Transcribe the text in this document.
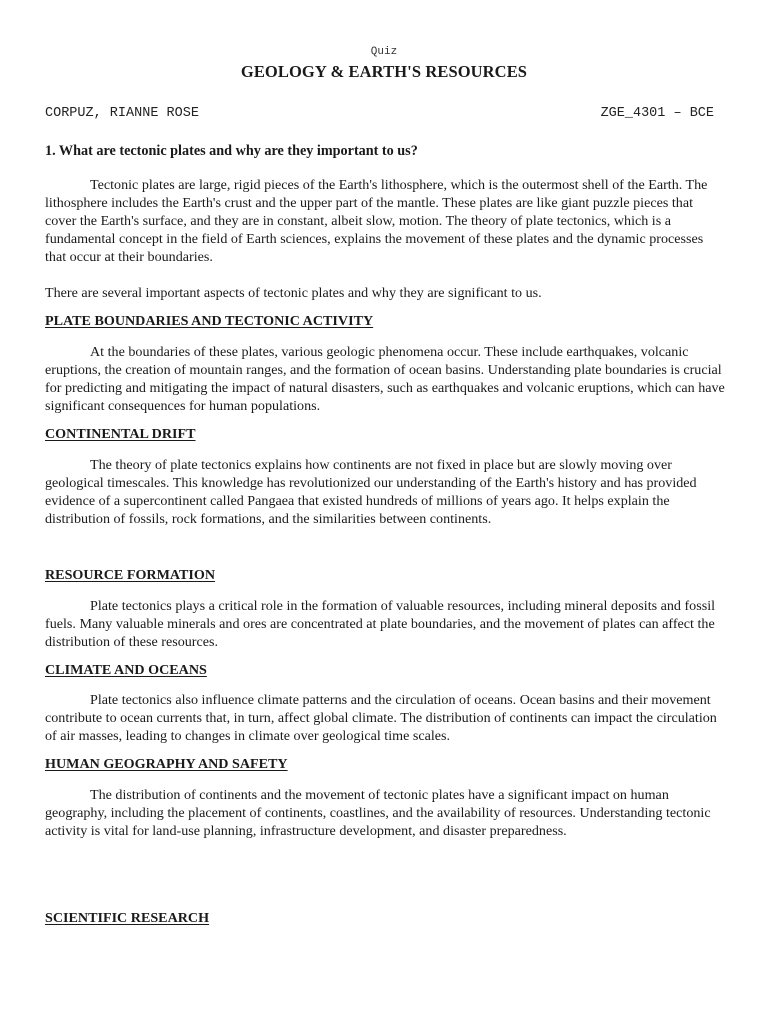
Quiz
GEOLOGY & EARTH'S RESOURCES
CORPUZ, RIANNE ROSE	ZGE_4301 – BCE
1. What are tectonic plates and why are they important to us?

Tectonic plates are large, rigid pieces of the Earth's lithosphere, which is the outermost shell of the Earth. The lithosphere includes the Earth's crust and the upper part of the mantle. These plates are like giant puzzle pieces that cover the Earth's surface, and they are in constant, albeit slow, motion. The theory of plate tectonics, which is a fundamental concept in the field of Earth sciences, explains the movement of these plates and the dynamic processes that occur at their boundaries.

There are several important aspects of tectonic plates and why they are significant to us.

PLATE BOUNDARIES AND TECTONIC ACTIVITY

At the boundaries of these plates, various geologic phenomena occur. These include earthquakes, volcanic eruptions, the creation of mountain ranges, and the formation of ocean basins. Understanding plate boundaries is crucial for predicting and mitigating the impact of natural disasters, such as earthquakes and volcanic eruptions, which can have significant consequences for human populations.

CONTINENTAL DRIFT

The theory of plate tectonics explains how continents are not fixed in place but are slowly moving over geological timescales. This knowledge has revolutionized our understanding of the Earth's history and has provided evidence of a supercontinent called Pangaea that existed hundreds of millions of years ago. It helps explain the distribution of fossils, rock formations, and the similarities between continents.

RESOURCE FORMATION

Plate tectonics plays a critical role in the formation of valuable resources, including mineral deposits and fossil fuels. Many valuable minerals and ores are concentrated at plate boundaries, and the movement of plates can affect the distribution of these resources.

CLIMATE AND OCEANS

Plate tectonics also influence climate patterns and the circulation of oceans. Ocean basins and their movement contribute to ocean currents that, in turn, affect global climate. The distribution of continents can impact the circulation of air masses, leading to changes in climate over geological time scales.

HUMAN GEOGRAPHY AND SAFETY

The distribution of continents and the movement of tectonic plates have a significant impact on human geography, including the placement of continents, coastlines, and the availability of resources. Understanding tectonic activity is vital for land-use planning, infrastructure development, and disaster preparedness.

SCIENTIFIC RESEARCH
